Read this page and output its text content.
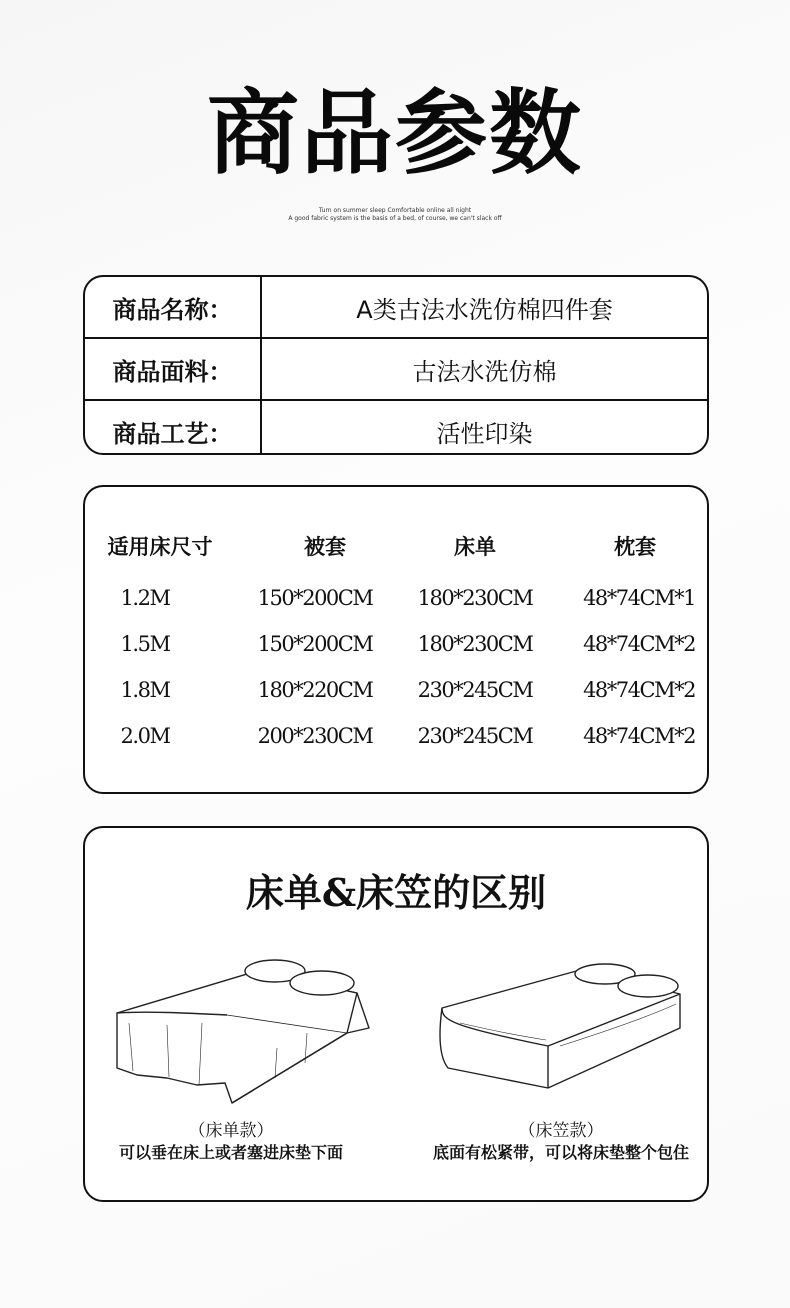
商品参数
Turn on summer sleep Comfortable online all night
A good fabric system is the basis of a bed, of course, we can't slack off
商品名称：	A类古法水洗仿棉四件套
商品面料：	古法水洗仿棉
商品工艺：	活性印染
适用床尺寸	被套	床单	枕套
1.2M	150*200CM	180*230CM	48*74CM*1
1.5M	150*200CM	180*230CM	48*74CM*2
1.8M	180*220CM	230*245CM	48*74CM*2
2.0M	200*230CM	230*245CM	48*74CM*2
床单&床笠的区别
（床单款）
可以垂在床上或者塞进床垫下面
（床笠款）
底面有松紧带，可以将床垫整个包住
